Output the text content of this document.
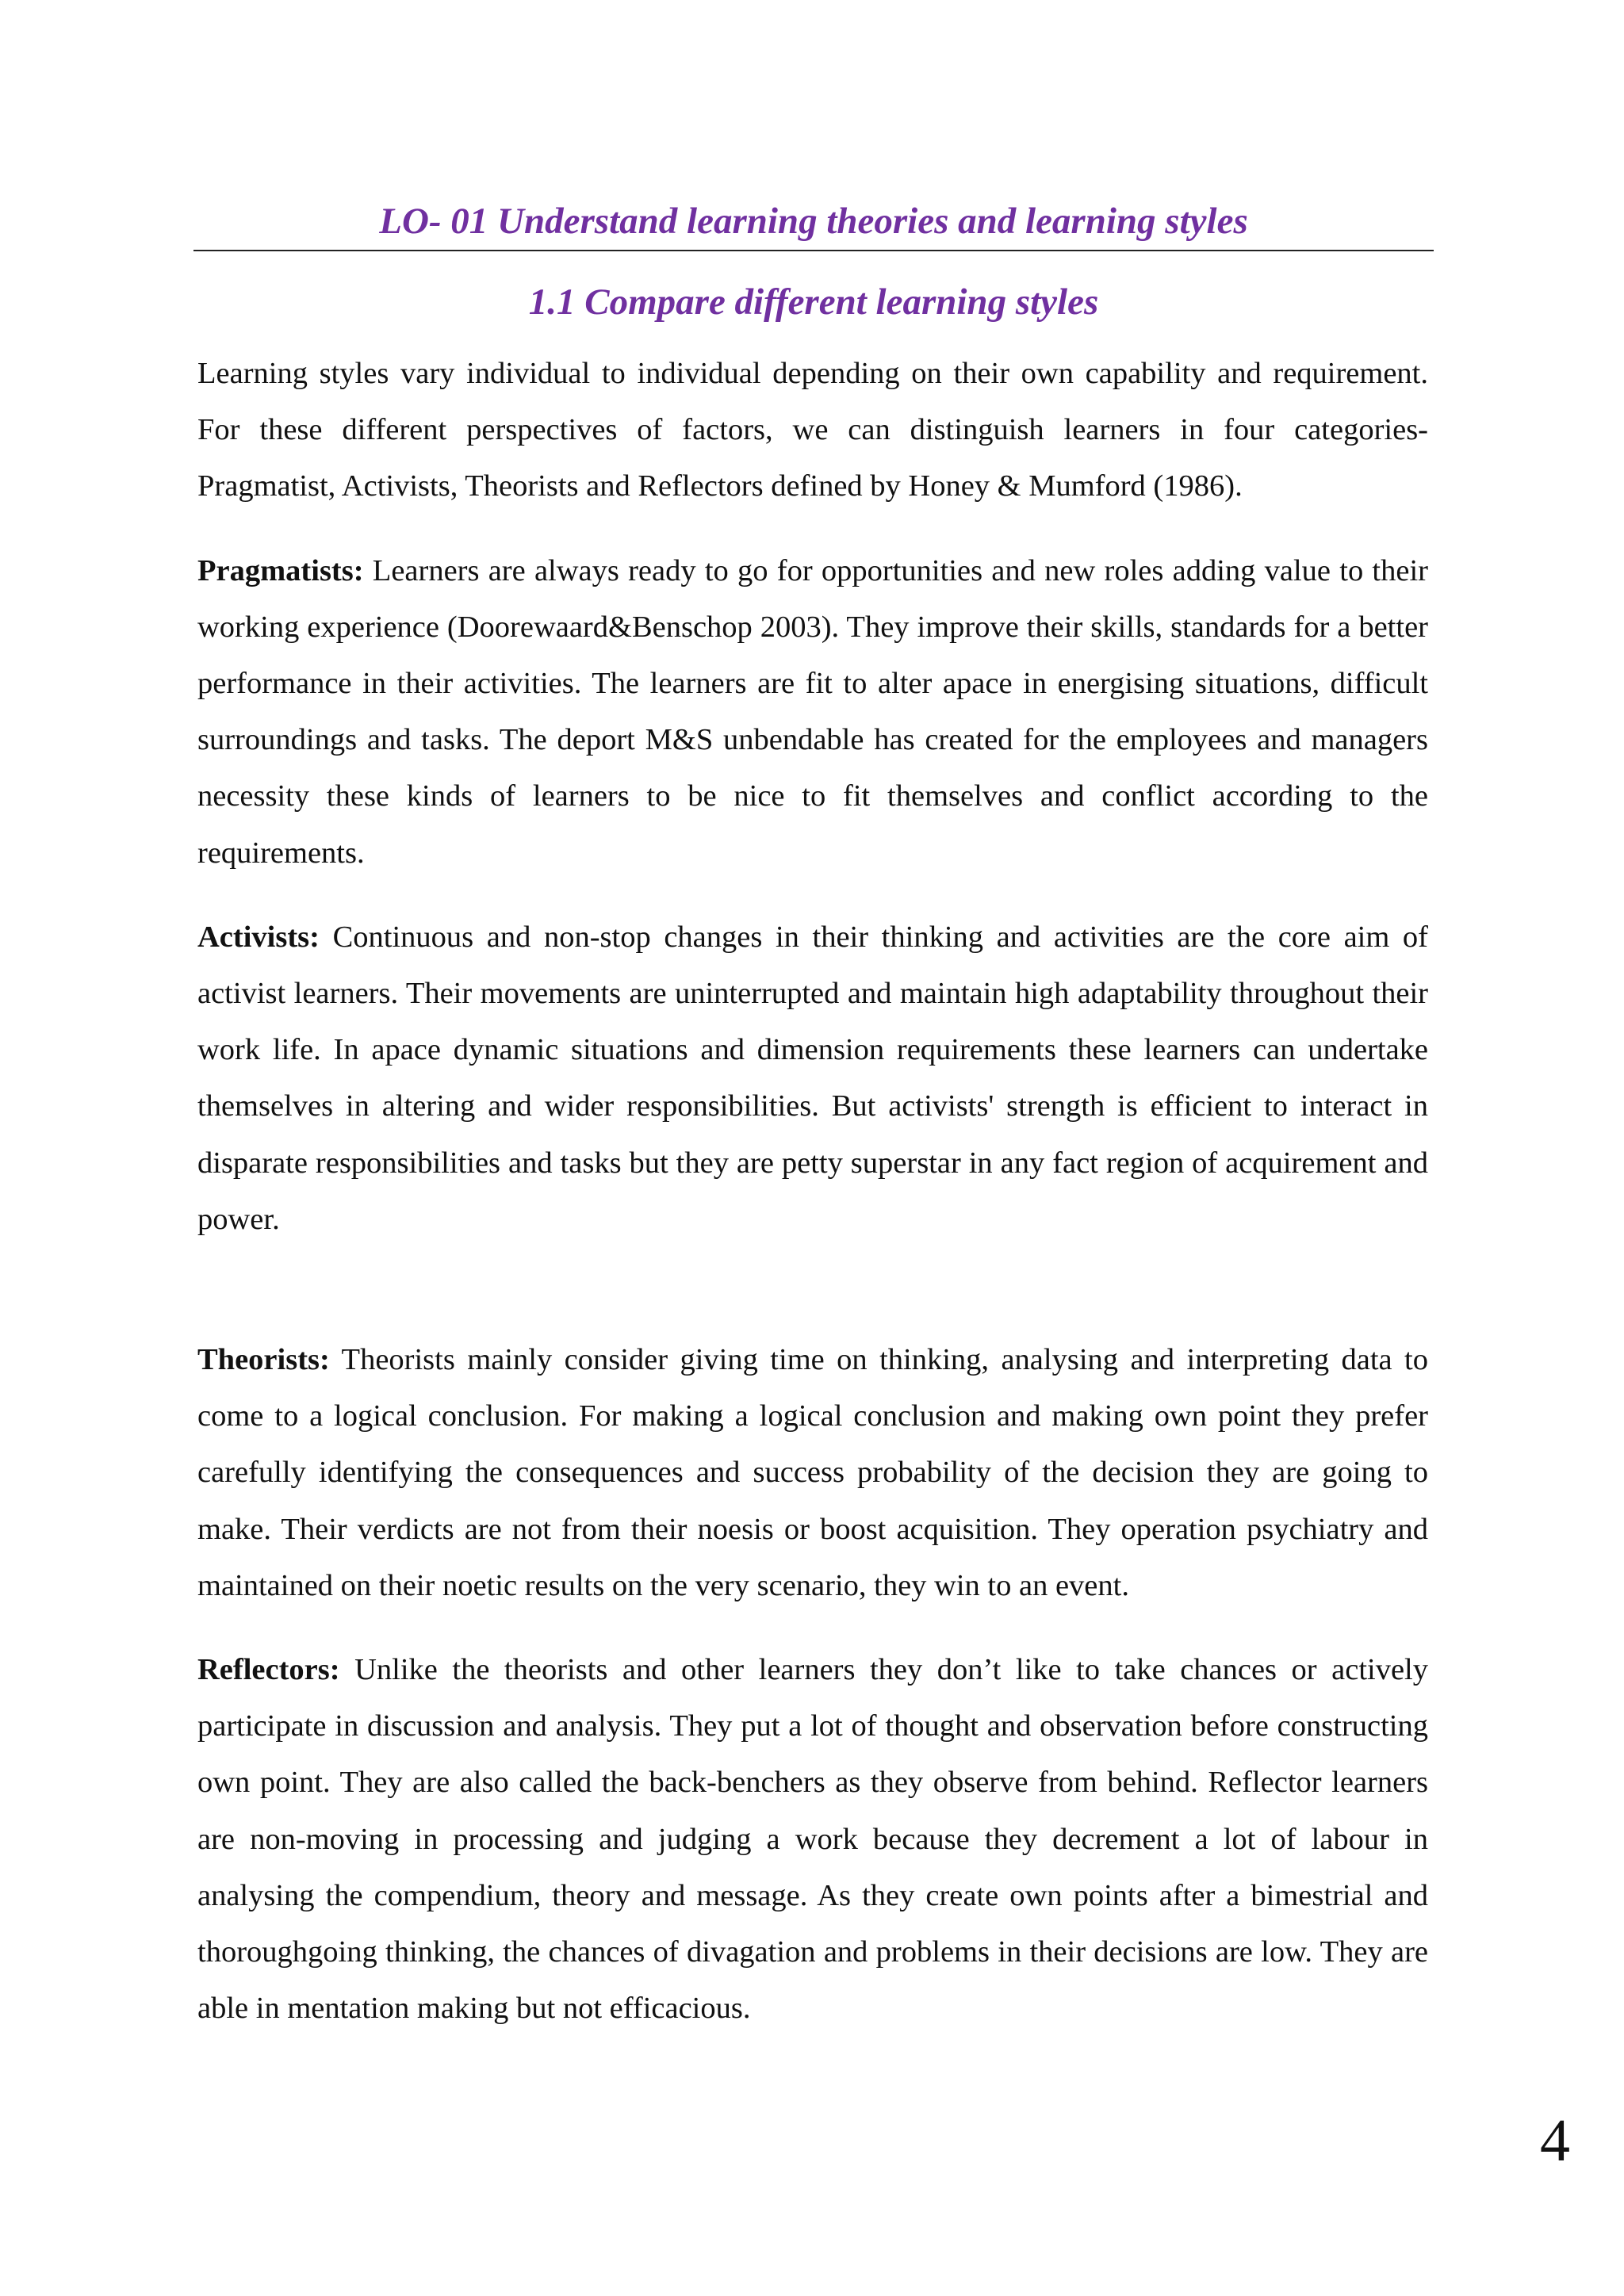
LO- 01 Understand learning theories and learning styles
1.1 Compare different learning styles

Learning styles vary individual to individual depending on their own capability and requirement. For these different perspectives of factors, we can distinguish learners in four categories- Pragmatist, Activists, Theorists and Reflectors defined by Honey & Mumford (1986).

Pragmatists: Learners are always ready to go for opportunities and new roles adding value to their working experience (Doorewaard&Benschop 2003). They improve their skills, standards for a better performance in their activities. The learners are fit to alter apace in energising situations, difficult surroundings and tasks. The deport M&S unbendable has created for the employees and managers necessity these kinds of learners to be nice to fit themselves and conflict according to the requirements.

Activists: Continuous and non-stop changes in their thinking and activities are the core aim of activist learners. Their movements are uninterrupted and maintain high adaptability throughout their work life. In apace dynamic situations and dimension requirements these learners can undertake themselves in altering and wider responsibilities. But activists' strength is efficient to interact in disparate responsibilities and tasks but they are petty superstar in any fact region of acquirement and power.

Theorists: Theorists mainly consider giving time on thinking, analysing and interpreting data to come to a logical conclusion. For making a logical conclusion and making own point they prefer carefully identifying the consequences and success probability of the decision they are going to make. Their verdicts are not from their noesis or boost acquisition. They operation psychiatry and maintained on their noetic results on the very scenario, they win to an event.

Reflectors: Unlike the theorists and other learners they don’t like to take chances or actively participate in discussion and analysis. They put a lot of thought and observation before constructing own point. They are also called the back-benchers as they observe from behind. Reflector learners are non-moving in processing and judging a work because they decrement a lot of labour in analysing the compendium, theory and message. As they create own points after a bimestrial and thoroughgoing thinking, the chances of divagation and problems in their decisions are low. They are able in mentation making but not efficacious.

4
